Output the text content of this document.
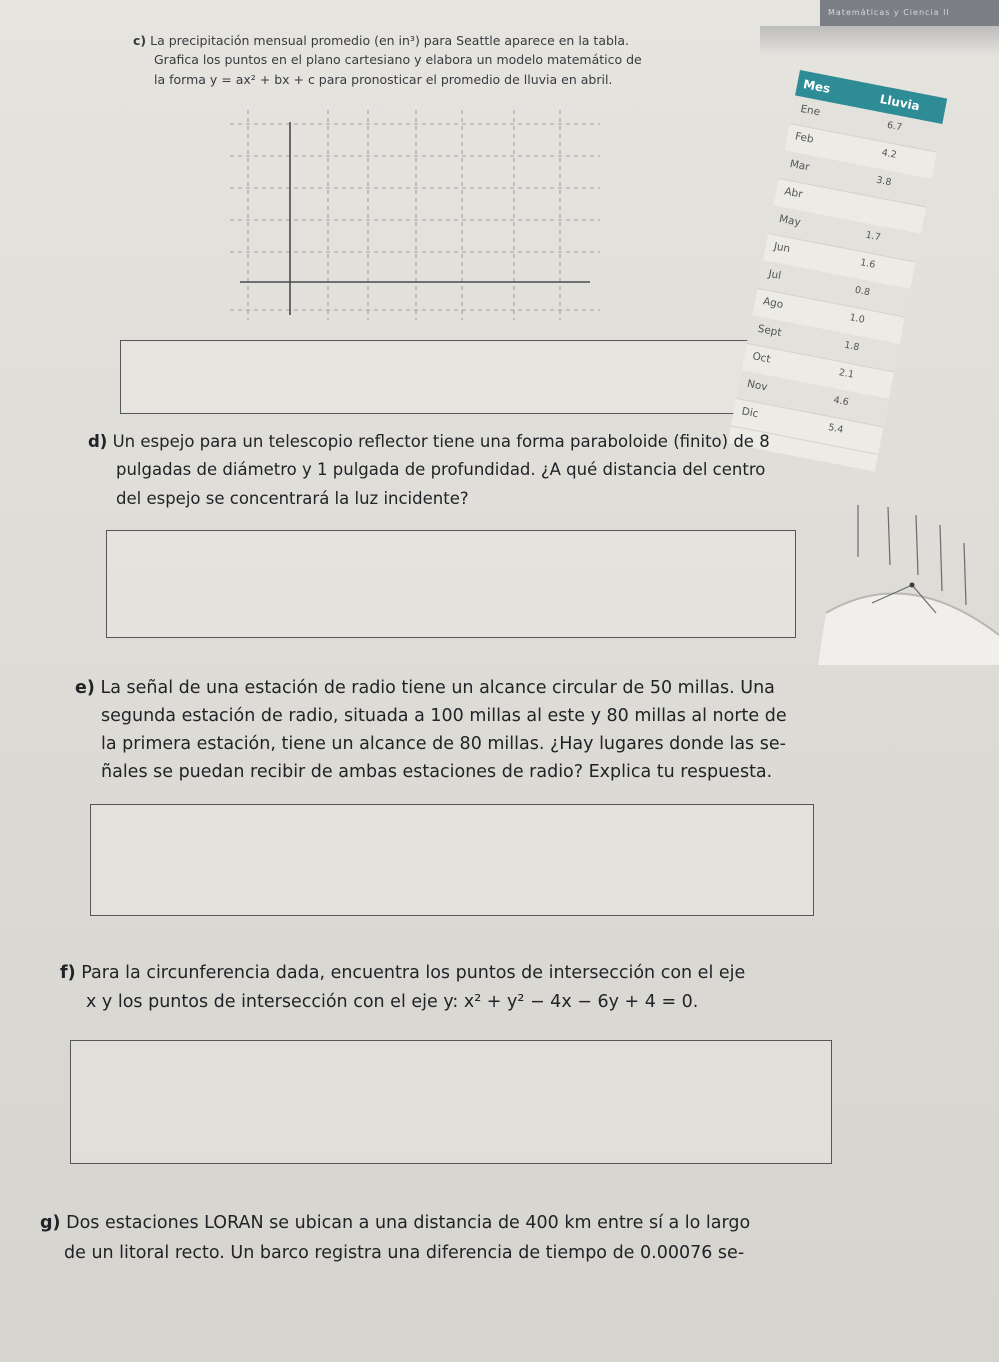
Matemáticas y Ciencia II

c) La precipitación mensual promedio (en in³) para Seattle aparece en la tabla.

Grafica los puntos en el plano cartesiano y elabora un modelo matemático de

la forma y = ax² + bx + c para pronosticar el promedio de lluvia en abril.	Mes
Lluvia
Ene
6.7
Feb
4.2
Mar
3.8
Abr
May
1.7
Jun
1.6
Jul
0.8
Ago
1.0
Sept
1.8
Oct
2.1
Nov
4.6
Dic
5.4

d) Un espejo para un telescopio reflector tiene una forma paraboloide (finito) de 8

pulgadas de diámetro y 1 pulgada de profundidad. ¿A qué distancia del centro

del espejo se concentrará la luz incidente?

e) La señal de una estación de radio tiene un alcance circular de 50 millas. Una

segunda estación de radio, situada a 100 millas al este y 80 millas al norte de

la primera estación, tiene un alcance de 80 millas. ¿Hay lugares donde las se-

ñales se puedan recibir de ambas estaciones de radio? Explica tu respuesta.

f) Para la circunferencia dada, encuentra los puntos de intersección con el eje

x y los puntos de intersección con el eje y: x² + y² − 4x − 6y + 4 = 0.

g) Dos estaciones LORAN se ubican a una distancia de 400 km entre sí a lo largo

de un litoral recto. Un barco registra una diferencia de tiempo de 0.00076 se-
